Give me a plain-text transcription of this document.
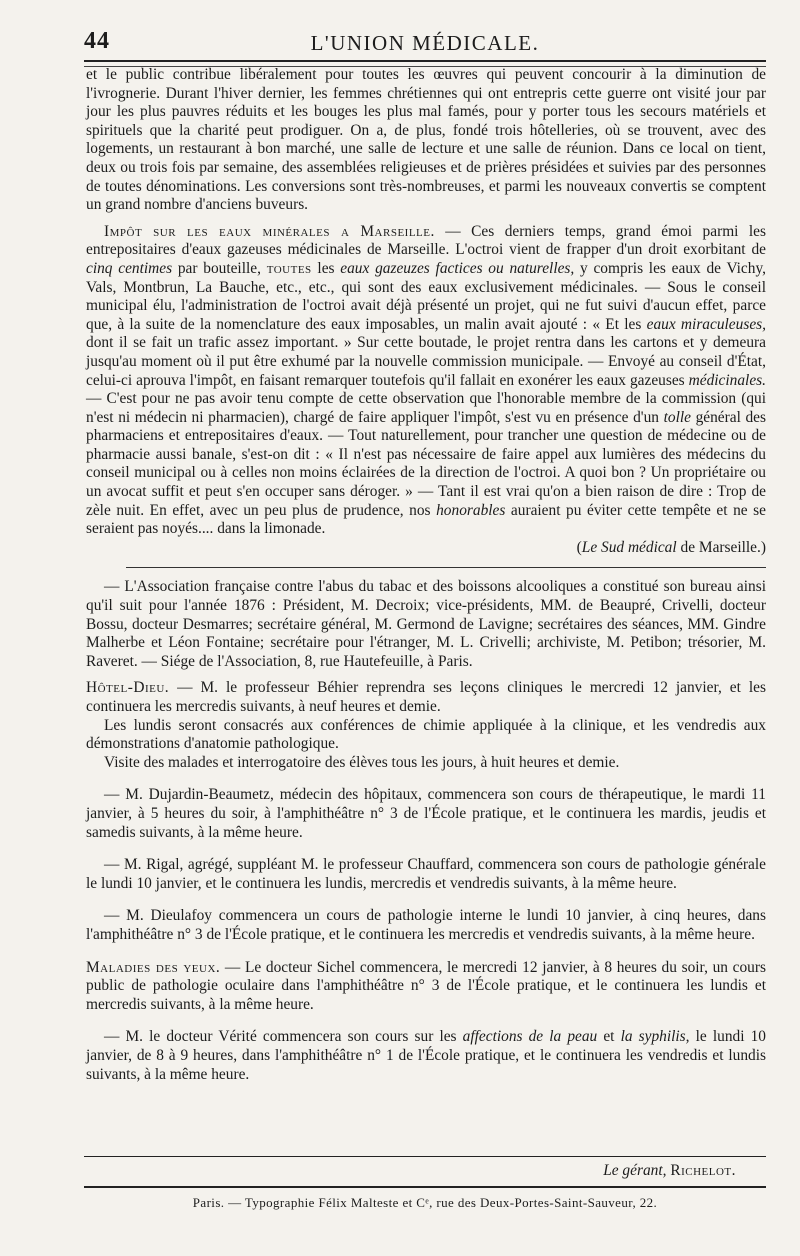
44	L'UNION MÉDICALE.

et le public contribue libéralement pour toutes les œuvres qui peuvent concourir à la diminution de l'ivrognerie. Durant l'hiver dernier, les femmes chrétiennes qui ont entrepris cette guerre ont visité jour par jour les plus pauvres réduits et les bouges les plus mal famés, pour y porter tous les secours matériels et spirituels que la charité peut prodiguer. On a, de plus, fondé trois hôtelleries, où se trouvent, avec des logements, un restaurant à bon marché, une salle de lecture et une salle de réunion. Dans ce local on tient, deux ou trois fois par semaine, des assemblées religieuses et de prières présidées et suivies par des personnes de toutes dénominations. Les conversions sont très-nombreuses, et parmi les nouveaux convertis se comptent un grand nombre d'anciens buveurs.

Impôt sur les eaux minérales a Marseille. — Ces derniers temps, grand émoi parmi les entrepositaires d'eaux gazeuses médicinales de Marseille. L'octroi vient de frapper d'un droit exorbitant de cinq centimes par bouteille, toutes les eaux gazeuzes factices ou naturelles, y compris les eaux de Vichy, Vals, Montbrun, La Bauche, etc., etc., qui sont des eaux exclusivement médicinales. — Sous le conseil municipal élu, l'administration de l'octroi avait déjà présenté un projet, qui ne fut suivi d'aucun effet, parce que, à la suite de la nomenclature des eaux imposables, un malin avait ajouté : « Et les eaux miraculeuses, dont il se fait un trafic assez important. » Sur cette boutade, le projet rentra dans les cartons et y demeura jusqu'au moment où il put être exhumé par la nouvelle commission municipale. — Envoyé au conseil d'État, celui-ci aprouva l'impôt, en faisant remarquer toutefois qu'il fallait en exonérer les eaux gazeuses médicinales. — C'est pour ne pas avoir tenu compte de cette observation que l'honorable membre de la commission (qui n'est ni médecin ni pharmacien), chargé de faire appliquer l'impôt, s'est vu en présence d'un tolle général des pharmaciens et entrepositaires d'eaux. — Tout naturellement, pour trancher une question de médecine ou de pharmacie aussi banale, s'est-on dit : « Il n'est pas nécessaire de faire appel aux lumières des médecins du conseil municipal ou à celles non moins éclairées de la direction de l'octroi. A quoi bon ? Un propriétaire ou un avocat suffit et peut s'en occuper sans déroger. » — Tant il est vrai qu'on a bien raison de dire : Trop de zèle nuit. En effet, avec un peu plus de prudence, nos honorables auraient pu éviter cette tempête et ne se seraient pas noyés.... dans la limonade.

(Le Sud médical de Marseille.)

— L'Association française contre l'abus du tabac et des boissons alcooliques a constitué son bureau ainsi qu'il suit pour l'année 1876 : Président, M. Decroix; vice-présidents, MM. de Beaupré, Crivelli, docteur Bossu, docteur Desmarres; secrétaire général, M. Germond de Lavigne; secrétaires des séances, MM. Gindre Malherbe et Léon Fontaine; secrétaire pour l'étranger, M. L. Crivelli; archiviste, M. Petibon; trésorier, M. Raveret. — Siége de l'Association, 8, rue Hautefeuille, à Paris.

Hôtel-Dieu. — M. le professeur Béhier reprendra ses leçons cliniques le mercredi 12 janvier, et les continuera les mercredis suivants, à neuf heures et demie.

Les lundis seront consacrés aux conférences de chimie appliquée à la clinique, et les vendredis aux démonstrations d'anatomie pathologique.

Visite des malades et interrogatoire des élèves tous les jours, à huit heures et demie.

— M. Dujardin-Beaumetz, médecin des hôpitaux, commencera son cours de thérapeutique, le mardi 11 janvier, à 5 heures du soir, à l'amphithéâtre n° 3 de l'École pratique, et le continuera les mardis, jeudis et samedis suivants, à la même heure.

— M. Rigal, agrégé, suppléant M. le professeur Chauffard, commencera son cours de pathologie générale le lundi 10 janvier, et le continuera les lundis, mercredis et vendredis suivants, à la même heure.

— M. Dieulafoy commencera un cours de pathologie interne le lundi 10 janvier, à cinq heures, dans l'amphithéâtre n° 3 de l'École pratique, et le continuera les mercredis et vendredis suivants, à la même heure.

Maladies des yeux. — Le docteur Sichel commencera, le mercredi 12 janvier, à 8 heures du soir, un cours public de pathologie oculaire dans l'amphithéâtre n° 3 de l'École pratique, et le continuera les lundis et mercredis suivants, à la même heure.

— M. le docteur Vérité commencera son cours sur les affections de la peau et la syphilis, le lundi 10 janvier, de 8 à 9 heures, dans l'amphithéâtre n° 1 de l'École pratique, et le continuera les vendredis et lundis suivants, à la même heure.

Le gérant, Richelot.
Paris. — Typographie Félix Malteste et Cᵉ, rue des Deux-Portes-Saint-Sauveur, 22.
